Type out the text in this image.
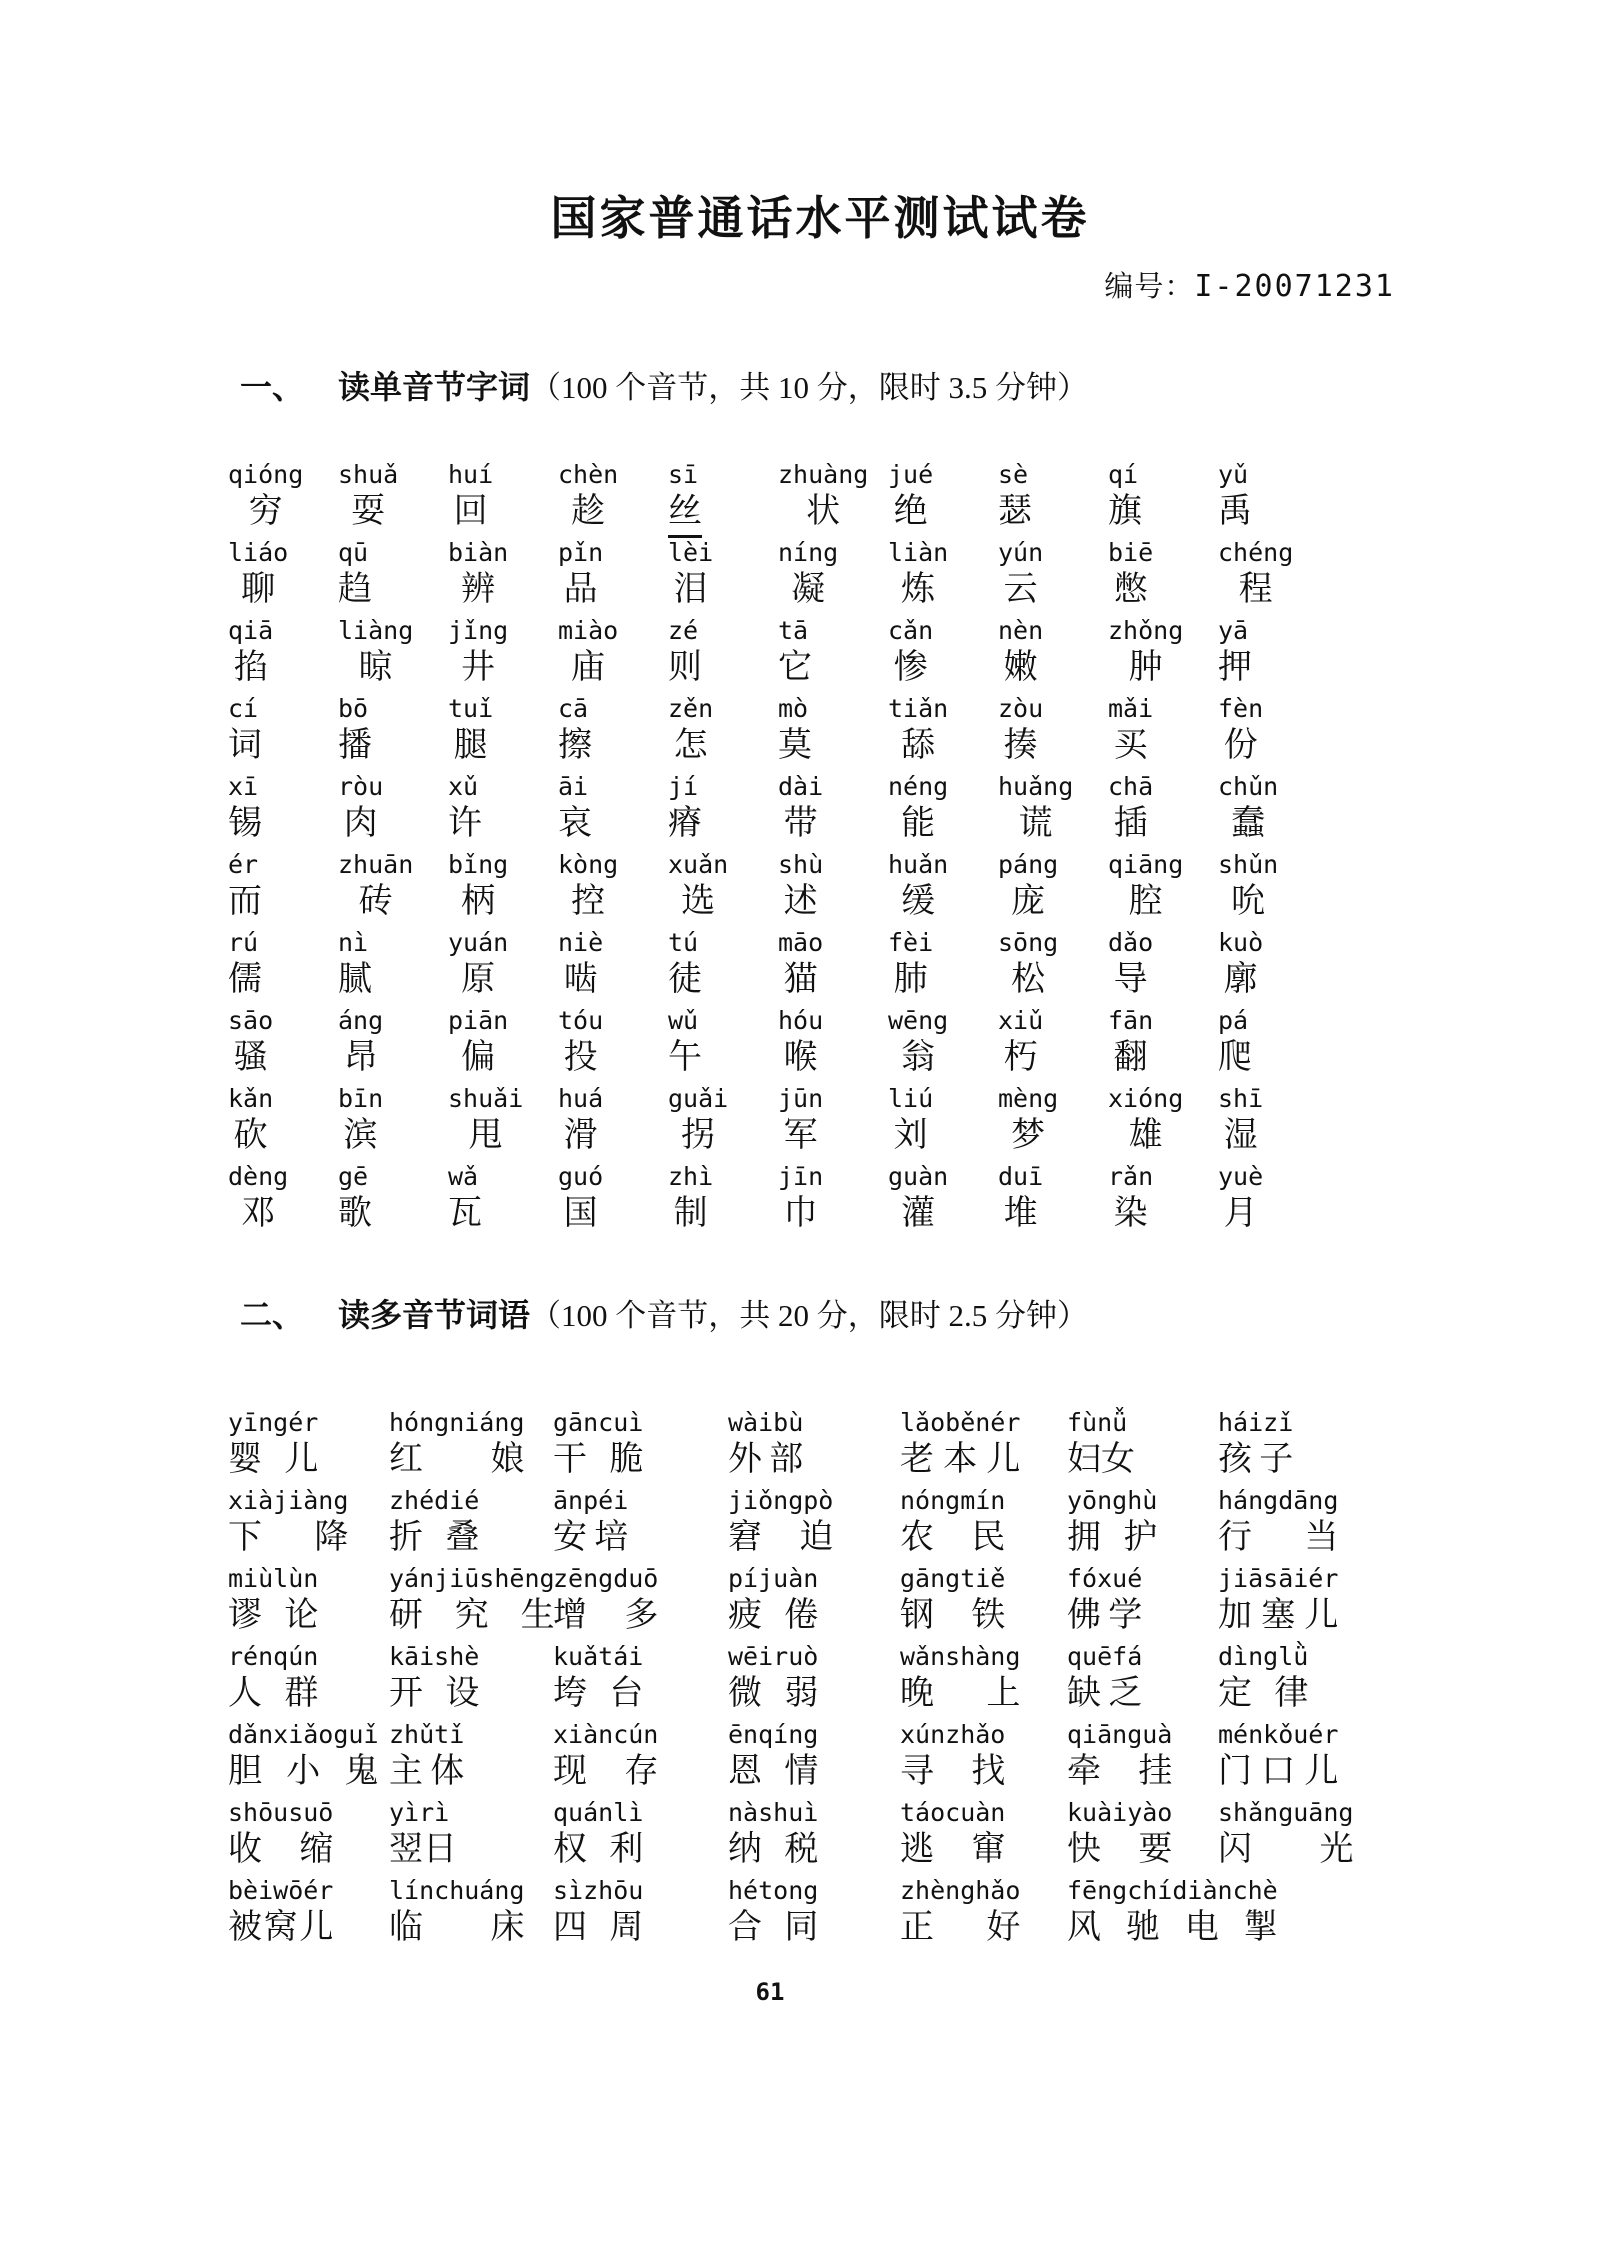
国家普通话水平测试试卷
编号：I-20071231
一、 读单音节字词（100 个音节，共 10 分，限时 3.5 分钟）
qióng
穷
shuǎ
耍
huí
回
chèn
趁
sī
丝
zhuàng
状
jué
绝
sè
瑟
qí
旗
yǔ
禹
liáo
聊
qū
趋
biàn
辨
pǐn
品
lèi
泪
níng
凝
liàn
炼
yún
云
biē
憋
chéng
程
qiā
掐
liàng
晾
jǐng
井
miào
庙
zé
则
tā
它
cǎn
惨
nèn
嫩
zhǒng
肿
yā
押
cí
词
bō
播
tuǐ
腿
cā
擦
zěn
怎
mò
莫
tiǎn
舔
zòu
揍
mǎi
买
fèn
份
xī
锡
ròu
肉
xǔ
许
āi
哀
jí
瘠
dài
带
néng
能
huǎng
谎
chā
插
chǔn
蠢
ér
而
zhuān
砖
bǐng
柄
kòng
控
xuǎn
选
shù
述
huǎn
缓
páng
庞
qiāng
腔
shǔn
吮
rú
儒
nì
腻
yuán
原
niè
啮
tú
徒
māo
猫
fèi
肺
sōng
松
dǎo
导
kuò
廓
sāo
骚
áng
昂
piān
偏
tóu
投
wǔ
午
hóu
喉
wēng
翁
xiǔ
朽
fān
翻
pá
爬
kǎn
砍
bīn
滨
shuǎi
甩
huá
滑
guǎi
拐
jūn
军
liú
刘
mèng
梦
xióng
雄
shī
湿
dèng
邓
gē
歌
wǎ
瓦
guó
国
zhì
制
jīn
巾
guàn
灌
duī
堆
rǎn
染
yuè
月
二、 读多音节词语（100 个音节，共 20 分，限时 2.5 分钟）
yīngér
婴 儿
hóngniáng
红 娘
gāncuì
干 脆
wàibù
外 部
lǎoběnér
老 本 儿
fùnǚ
妇 女
háizǐ
孩 子
xiàjiàng
下 降
zhédié
折 叠
ānpéi
安 培
jiǒngpò
窘 迫
nóngmín
农 民
yōnghù
拥 护
hángdāng
行 当
miùlùn
谬 论
yánjiūshēng
研 究 生
zēngduō
增 多
píjuàn
疲 倦
gāngtiě
钢 铁
fóxué
佛 学
jiāsāiér
加 塞 儿
rénqún
人 群
kāishè
开 设
kuǎtái
垮 台
wēiruò
微 弱
wǎnshàng
晚 上
quēfá
缺 乏
dìnglǜ
定 律
dǎnxiǎoguǐ
胆 小 鬼
zhǔtǐ
主 体
xiàncún
现 存
ēnqíng
恩 情
xúnzhǎo
寻 找
qiānguà
牵 挂
ménkǒuér
门 口 儿
shōusuō
收 缩
yìrì
翌 日
quánlì
权 利
nàshuì
纳 税
táocuàn
逃 窜
kuàiyào
快 要
shǎnguāng
闪 光
bèiwōér
被 窝 儿
línchuáng
临 床
sìzhōu
四 周
hétong
合 同
zhènghǎo
正 好
fēngchídiànchè
风 驰 电 掣
61
